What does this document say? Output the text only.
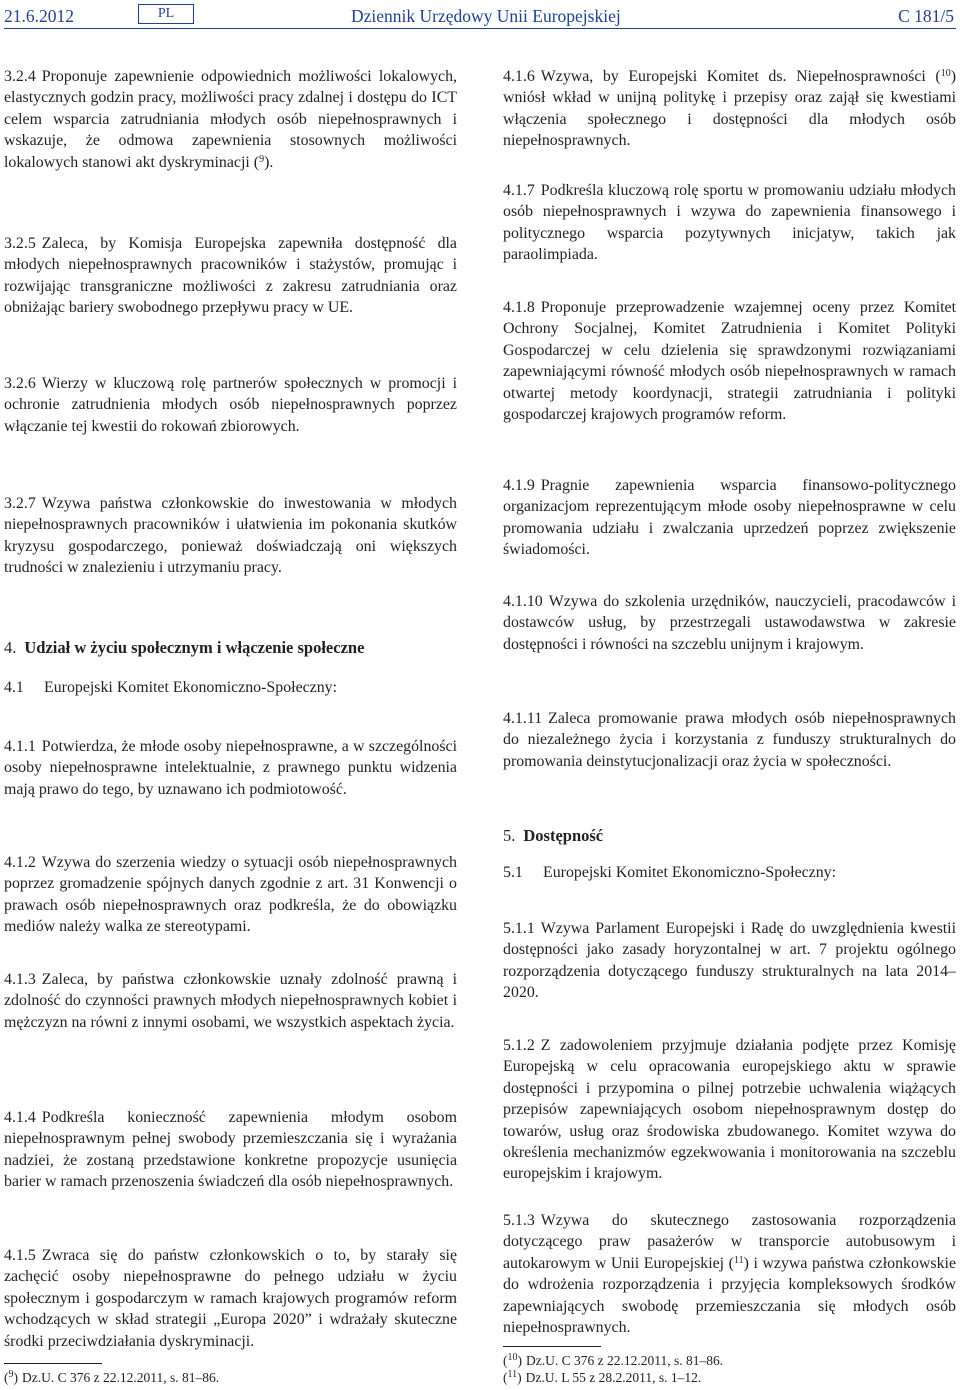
21.6.2012	PL	Dziennik Urzędowy Unii Europejskiej	C 181/5

3.2.4 Proponuje zapewnienie odpowiednich możliwości lokalowych, elastycznych godzin pracy, możliwości pracy zdalnej i dostępu do ICT celem wsparcia zatrudniania młodych osób niepełnosprawnych i wskazuje, że odmowa zapewnienia stosownych możliwości lokalowych stanowi akt dyskryminacji ($^9$).

3.2.5 Zaleca, by Komisja Europejska zapewniła dostępność dla młodych niepełnosprawnych pracowników i stażystów, promując i rozwijając transgraniczne możliwości z zakresu zatrudniania oraz obniżając bariery swobodnego przepływu pracy w UE.

3.2.6 Wierzy w kluczową rolę partnerów społecznych w promocji i ochronie zatrudnienia młodych osób niepełnosprawnych poprzez włączanie tej kwestii do rokowań zbiorowych.

3.2.7 Wzywa państwa członkowskie do inwestowania w młodych niepełnosprawnych pracowników i ułatwienia im pokonania skutków kryzysu gospodarczego, ponieważ doświadczają oni większych trudności w znalezieniu i utrzymaniu pracy.

4. Udział w życiu społecznym i włączenie społeczne

4.1 Europejski Komitet Ekonomiczno-Społeczny:

4.1.1 Potwierdza, że młode osoby niepełnosprawne, a w szczególności osoby niepełnosprawne intelektualnie, z prawnego punktu widzenia mają prawo do tego, by uznawano ich podmiotowość.

4.1.2 Wzywa do szerzenia wiedzy o sytuacji osób niepełnosprawnych poprzez gromadzenie spójnych danych zgodnie z art. 31 Konwencji o prawach osób niepełnosprawnych oraz podkreśla, że do obowiązku mediów należy walka ze stereotypami.

4.1.3 Zaleca, by państwa członkowskie uznały zdolność prawną i zdolność do czynności prawnych młodych niepełnosprawnych kobiet i mężczyzn na równi z innymi osobami, we wszystkich aspektach życia.

4.1.4 Podkreśla konieczność zapewnienia młodym osobom niepełnosprawnym pełnej swobody przemieszczania się i wyrażania nadziei, że zostaną przedstawione konkretne propozycje usunięcia barier w ramach przenoszenia świadczeń dla osób niepełnosprawnych.

4.1.5 Zwraca się do państw członkowskich o to, by starały się zachęcić osoby niepełnosprawne do pełnego udziału w życiu społecznym i gospodarczym w ramach krajowych programów reform wchodzących w skład strategii „Europa 2020” i wdrażały skuteczne środki przeciwdziałania dyskryminacji.

($^9$) Dz.U. C 376 z 22.12.2011, s. 81–86.

4.1.6 Wzywa, by Europejski Komitet ds. Niepełnosprawności ($^{10}$) wniósł wkład w unijną politykę i przepisy oraz zajął się kwestiami włączenia społecznego i dostępności dla młodych osób niepełnosprawnych.

4.1.7 Podkreśla kluczową rolę sportu w promowaniu udziału młodych osób niepełnosprawnych i wzywa do zapewnienia finansowego i politycznego wsparcia pozytywnych inicjatyw, takich jak paraolimpiada.

4.1.8 Proponuje przeprowadzenie wzajemnej oceny przez Komitet Ochrony Socjalnej, Komitet Zatrudnienia i Komitet Polityki Gospodarczej w celu dzielenia się sprawdzonymi rozwiązaniami zapewniającymi równość młodych osób niepełnosprawnych w ramach otwartej metody koordynacji, strategii zatrudniania i polityki gospodarczej krajowych programów reform.

4.1.9 Pragnie zapewnienia wsparcia finansowo-politycznego organizacjom reprezentującym młode osoby niepełnosprawne w celu promowania udziału i zwalczania uprzedzeń poprzez zwiększenie świadomości.

4.1.10 Wzywa do szkolenia urzędników, nauczycieli, pracodawców i dostawców usług, by przestrzegali ustawodawstwa w zakresie dostępności i równości na szczeblu unijnym i krajowym.

4.1.11 Zaleca promowanie prawa młodych osób niepełnosprawnych do niezależnego życia i korzystania z funduszy strukturalnych do promowania deinstytucjonalizacji oraz życia w społeczności.

5. Dostępność

5.1 Europejski Komitet Ekonomiczno-Społeczny:

5.1.1 Wzywa Parlament Europejski i Radę do uwzględnienia kwestii dostępności jako zasady horyzontalnej w art. 7 projektu ogólnego rozporządzenia dotyczącego funduszy strukturalnych na lata 2014–2020.

5.1.2 Z zadowoleniem przyjmuje działania podjęte przez Komisję Europejską w celu opracowania europejskiego aktu w sprawie dostępności i przypomina o pilnej potrzebie uchwalenia wiążących przepisów zapewniających osobom niepełnosprawnym dostęp do towarów, usług oraz środowiska zbudowanego. Komitet wzywa do określenia mechanizmów egzekwowania i monitorowania na szczeblu europejskim i krajowym.

5.1.3 Wzywa do skutecznego zastosowania rozporządzenia dotyczącego praw pasażerów w transporcie autobusowym i autokarowym w Unii Europejskiej ($^{11}$) i wzywa państwa członkowskie do wdrożenia rozporządzenia i przyjęcia kompleksowych środków zapewniających swobodę przemieszczania się młodych osób niepełnosprawnych.

($^{10}$) Dz.U. C 376 z 22.12.2011, s. 81–86.

($^{11}$) Dz.U. L 55 z 28.2.2011, s. 1–12.
